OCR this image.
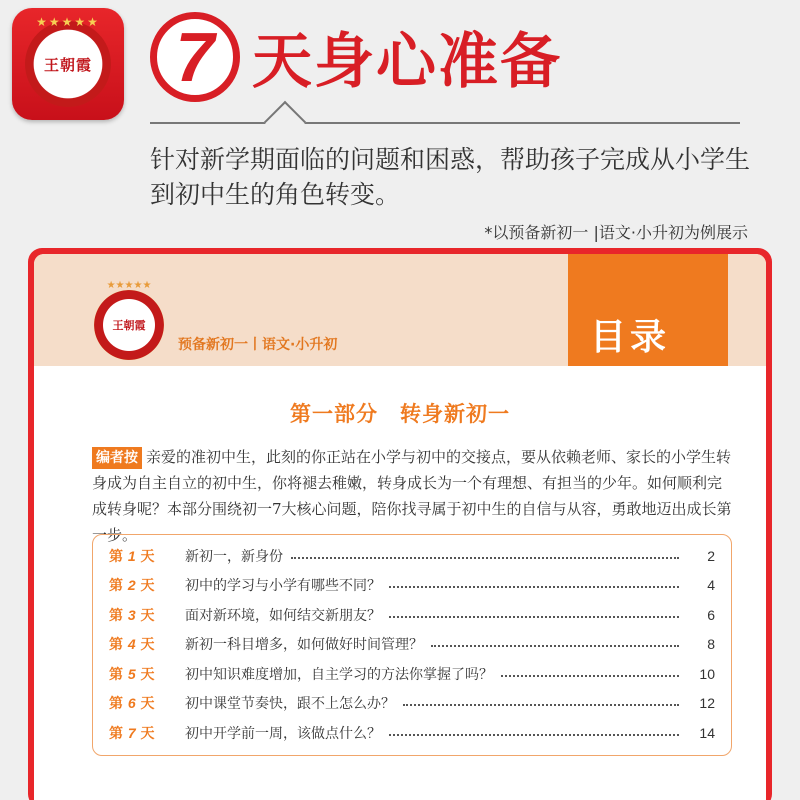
★★★★★
王朝霞	7 天身心准备
针对新学期面临的问题和困惑，帮助孩子完成从小学生到初中生的角色转变。
*以预备新初一 |语文·小升初为例展示
★★★★★
王朝霞
预备新初一丨语文·小升初	目录
第一部分　转身新初一
编者按 亲爱的准初中生，此刻的你正站在小学与初中的交接点，要从依赖老师、家长的小学生转身成为自主自立的初中生，你将褪去稚嫩，转身成长为一个有理想、有担当的少年。如何顺利完成转身呢？本部分围绕初一7大核心问题，陪你找寻属于初中生的自信与从容，勇敢地迈出成长第一步。
第 1 天	新初一，新身份	2
第 2 天	初中的学习与小学有哪些不同？	4
第 3 天	面对新环境，如何结交新朋友？	6
第 4 天	新初一科目增多，如何做好时间管理？	8
第 5 天	初中知识难度增加，自主学习的方法你掌握了吗？	10
第 6 天	初中课堂节奏快，跟不上怎么办？	12
第 7 天	初中开学前一周，该做点什么？	14
